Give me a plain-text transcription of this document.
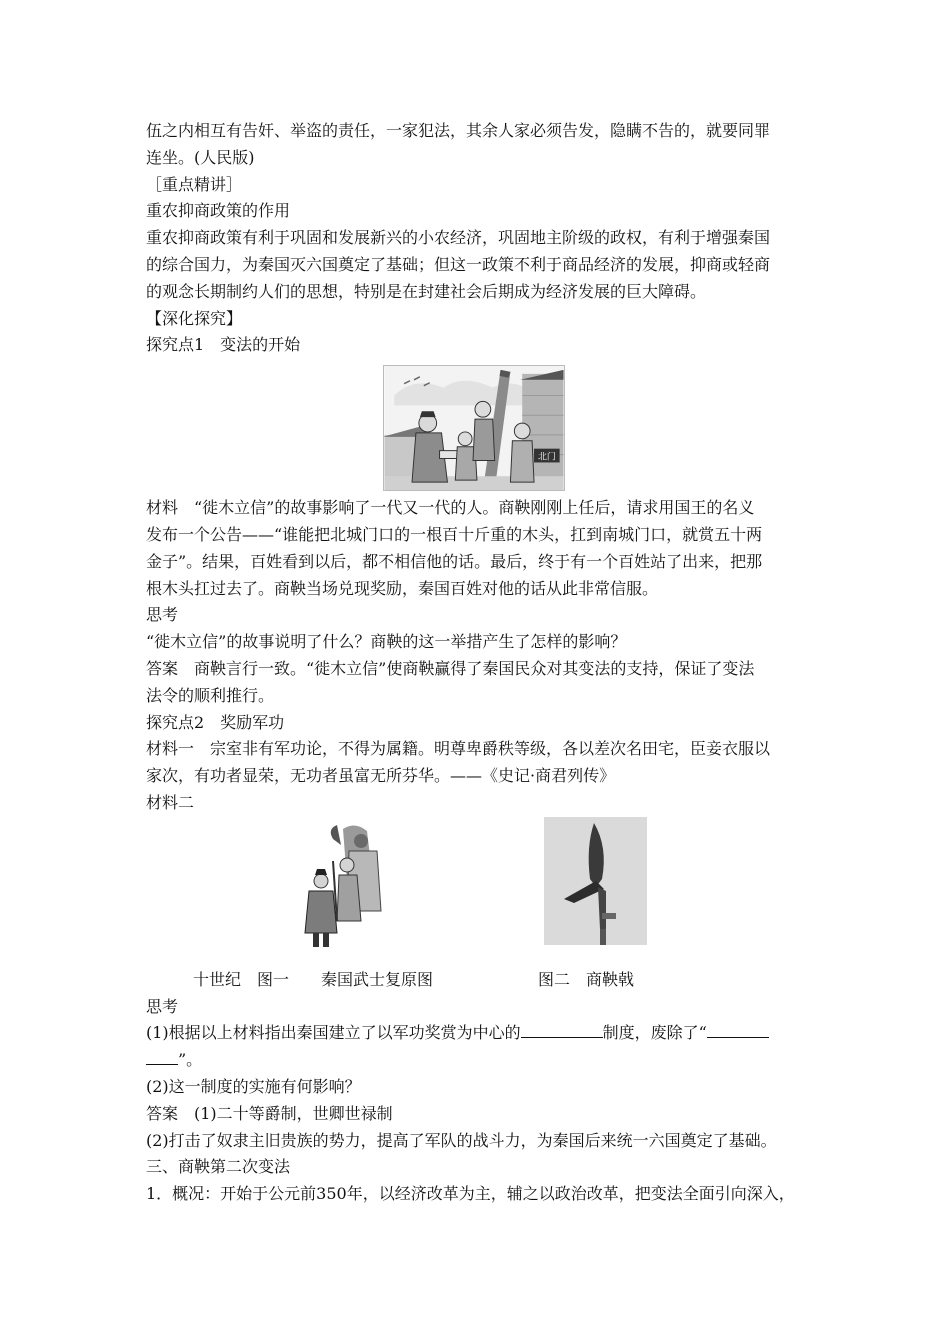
伍之内相互有告奸、举盗的责任，一家犯法，其余人家必须告发，隐瞒不告的，就要同罪
连坐。(人民版)
［重点精讲］
重农抑商政策的作用
重农抑商政策有利于巩固和发展新兴的小农经济，巩固地主阶级的政权，有利于增强秦国
的综合国力，为秦国灭六国奠定了基础；但这一政策不利于商品经济的发展，抑商或轻商
的观念长期制约人们的思想，特别是在封建社会后期成为经济发展的巨大障碍。
【深化探究】
探究点1　变法的开始
北门
材料　“徙木立信”的故事影响了一代又一代的人。商鞅刚刚上任后，请求用国王的名义
发布一个公告——“谁能把北城门口的一根百十斤重的木头，扛到南城门口，就赏五十两
金子”。结果，百姓看到以后，都不相信他的话。最后，终于有一个百姓站了出来，把那
根木头扛过去了。商鞅当场兑现奖励，秦国百姓对他的话从此非常信服。
思考
“徙木立信”的故事说明了什么？商鞅的这一举措产生了怎样的影响？
答案　商鞅言行一致。“徙木立信”使商鞅赢得了秦国民众对其变法的支持，保证了变法
法令的顺利推行。
探究点2　奖励军功
材料一　宗室非有军功论，不得为属籍。明尊卑爵秩等级，各以差次名田宅，臣妾衣服以
家次，有功者显荣，无功者虽富无所芬华。——《史记·商君列传》
材料二
十世纪　图一　　秦国武士复原图	图二　商鞅戟
思考
(1)根据以上材料指出秦国建立了以军功奖赏为中心的	制度，废除了“
”。
(2)这一制度的实施有何影响？
答案　(1)二十等爵制，世卿世禄制
(2)打击了奴隶主旧贵族的势力，提高了军队的战斗力，为秦国后来统一六国奠定了基础。
三、商鞅第二次变法
1．概况：开始于公元前350年，以经济改革为主，辅之以政治改革，把变法全面引向深入，
